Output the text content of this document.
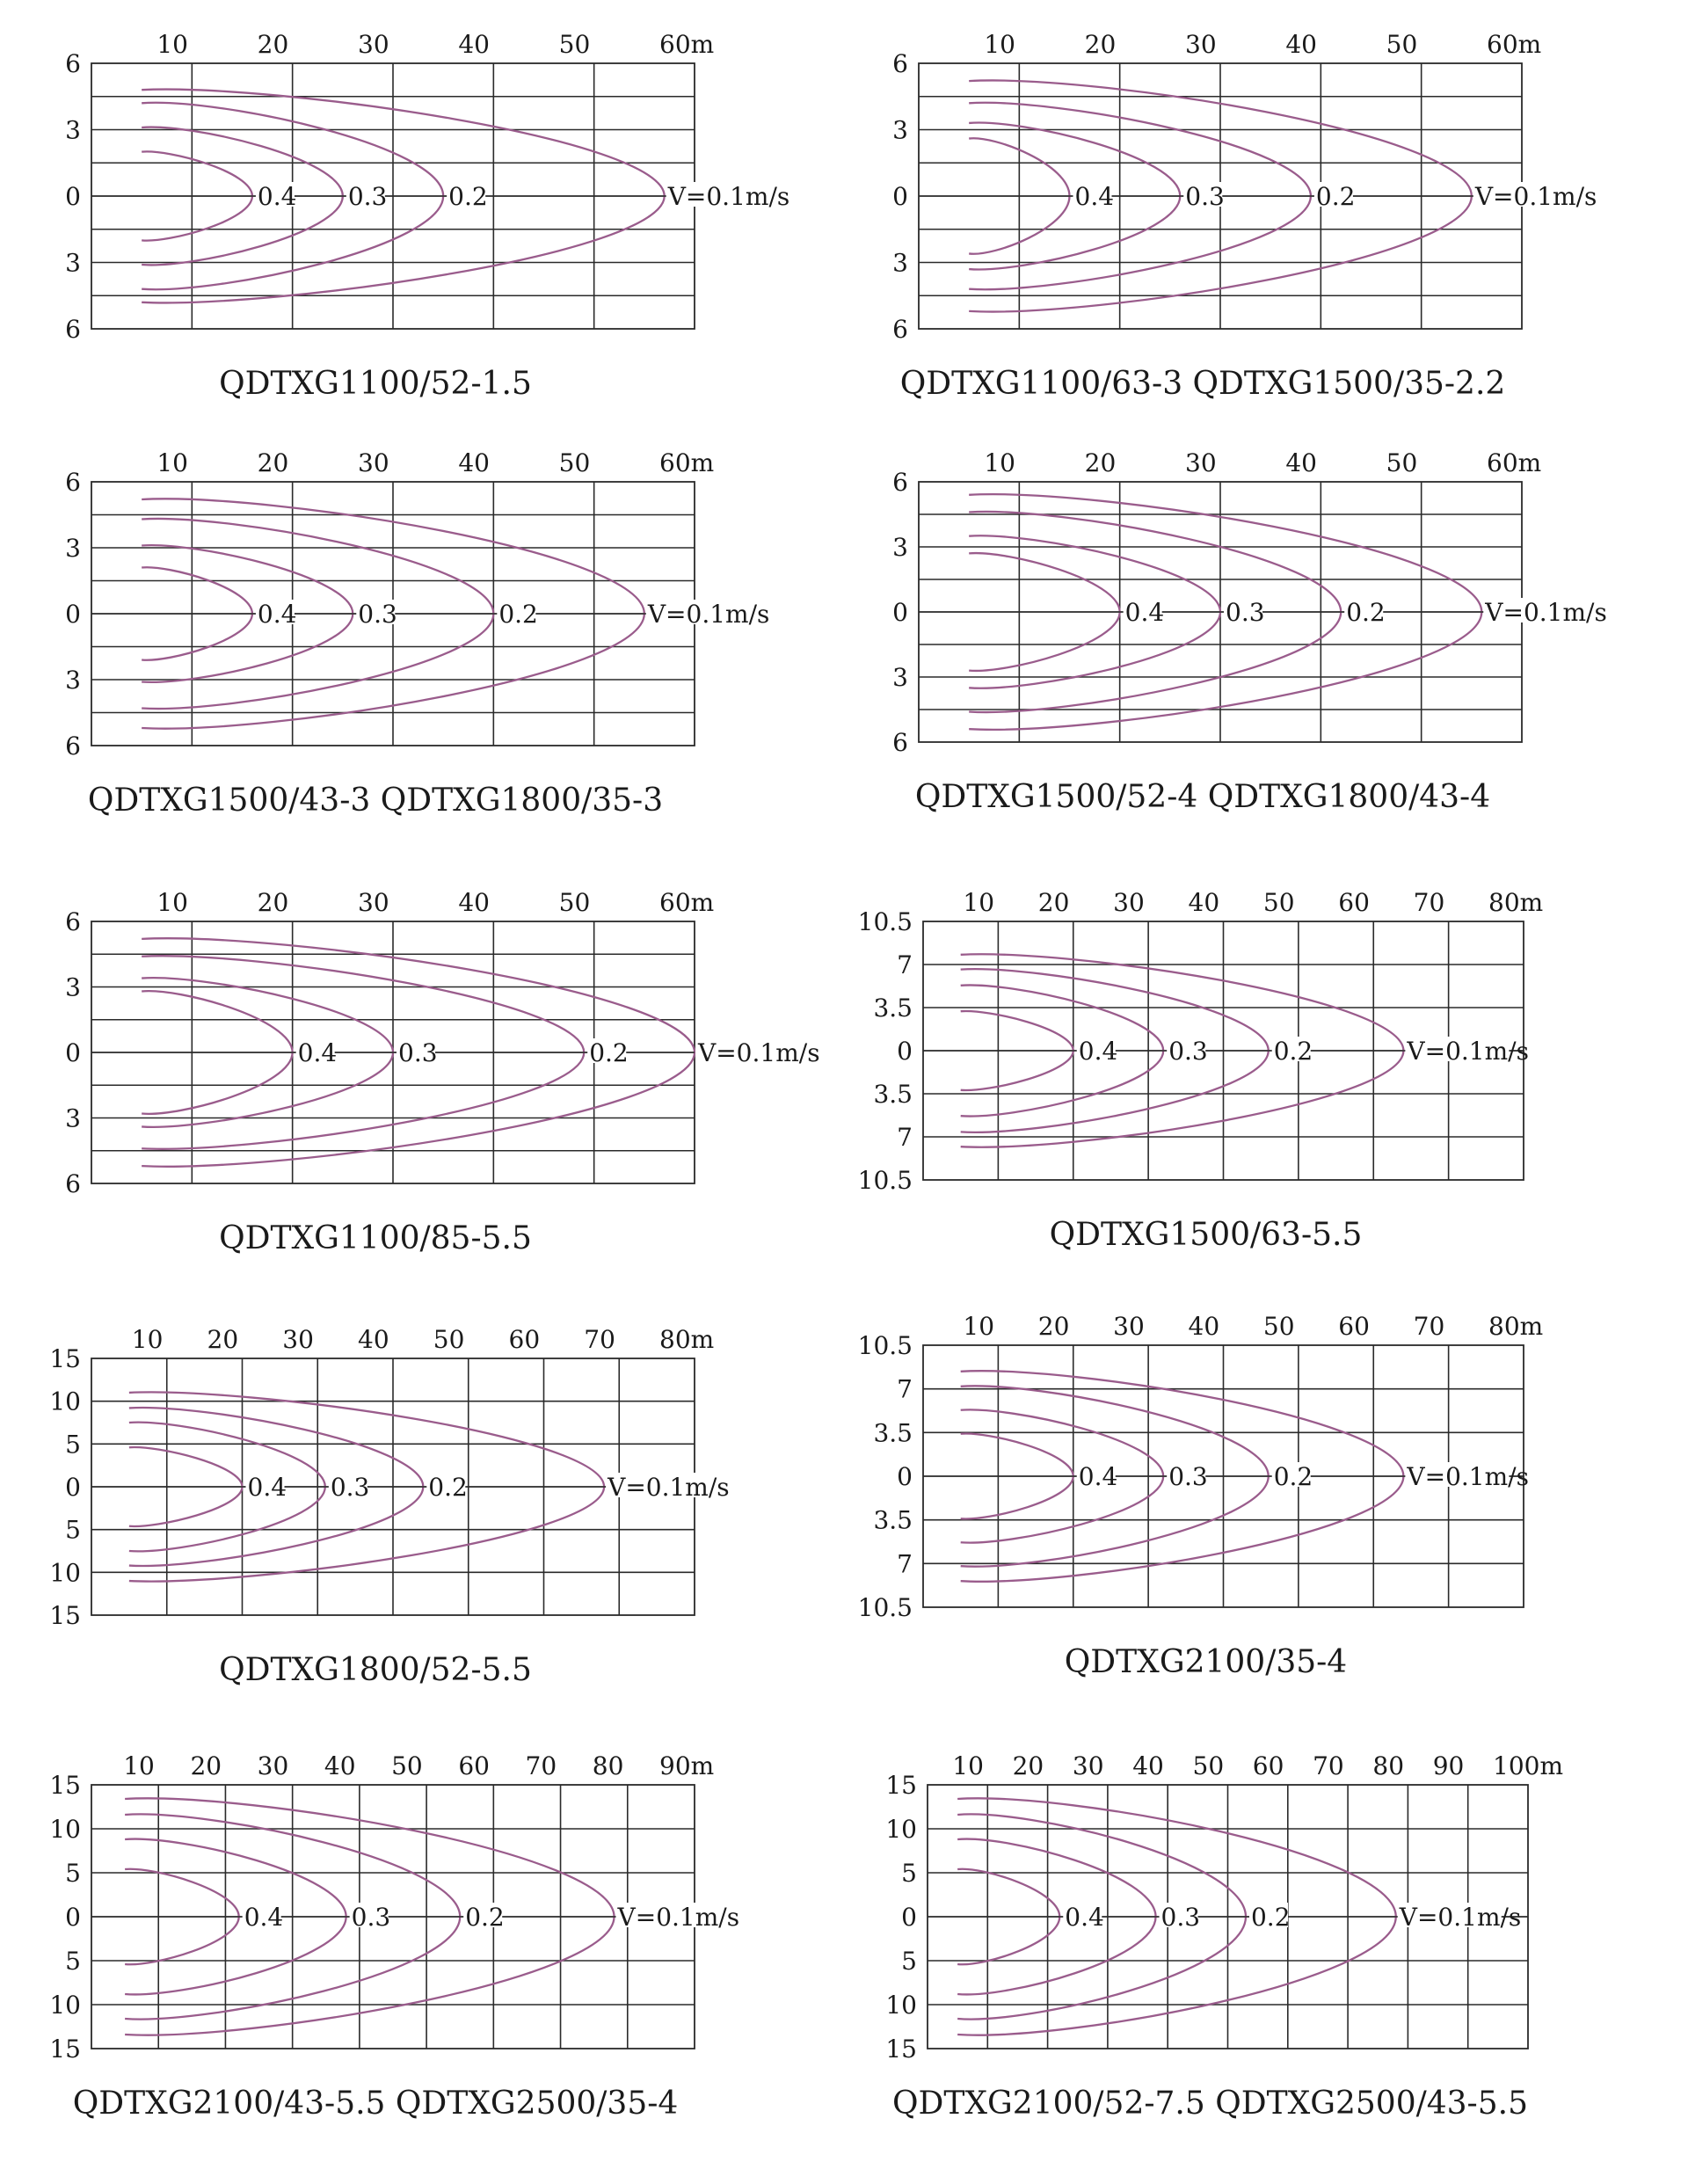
0.4 0.3 0.2	V=0.1m/s
10	20	30	40	50	60m
6
3
0
3
6
QDTXG1100/52-1.5
0.4	0.3	0.2	V=0.1m/s
10	20	30	40	50	60m
6
3
0
3
6
QDTXG1100/63-3 QDTXG1500/35-2.2
0.4 0.3	0.2	V=0.1m/s
10	20	30	40	50	60m
6
3
0
3
6
QDTXG1500/43-3 QDTXG1800/35-3
0.4 0.3	0.2	V=0.1m/s
10	20	30	40	50	60m
6
3
0
3
6
QDTXG1500/52-4 QDTXG1800/43-4
0.4 0.3	0.2	V=0.1m/s
10	20	30	40	50	60m
6
3
0
3
6
QDTXG1100/85-5.5
0.4 0.3	0.2	V=0.1m/s
10 20 30 40 50 60 70 80m
10.5
7
3.5
0
3.5
7
10.5
QDTXG1500/63-5.5
0.4 0.3 0.2	V=0.1m/s
10 20 30 40 50 60 70 80m
15
10
5
0
5
10
15
QDTXG1800/52-5.5
0.4 0.3	0.2	V=0.1m/s
10 20 30 40 50 60 70 80m
10.5
7
3.5
0
3.5
7
10.5
QDTXG2100/35-4
0.4	0.3	0.2	V=0.1m/s
10 20 30 40 50 60 70 80 90m
15
10
5
0
5
10
15
QDTXG2100/43-5.5 QDTXG2500/35-4
0.4 0.3 0.2	V=0.1m/s
10 20 30 40 50 60 70 80 90 100m
15
10
5
0
5
10
15
QDTXG2100/52-7.5 QDTXG2500/43-5.5
